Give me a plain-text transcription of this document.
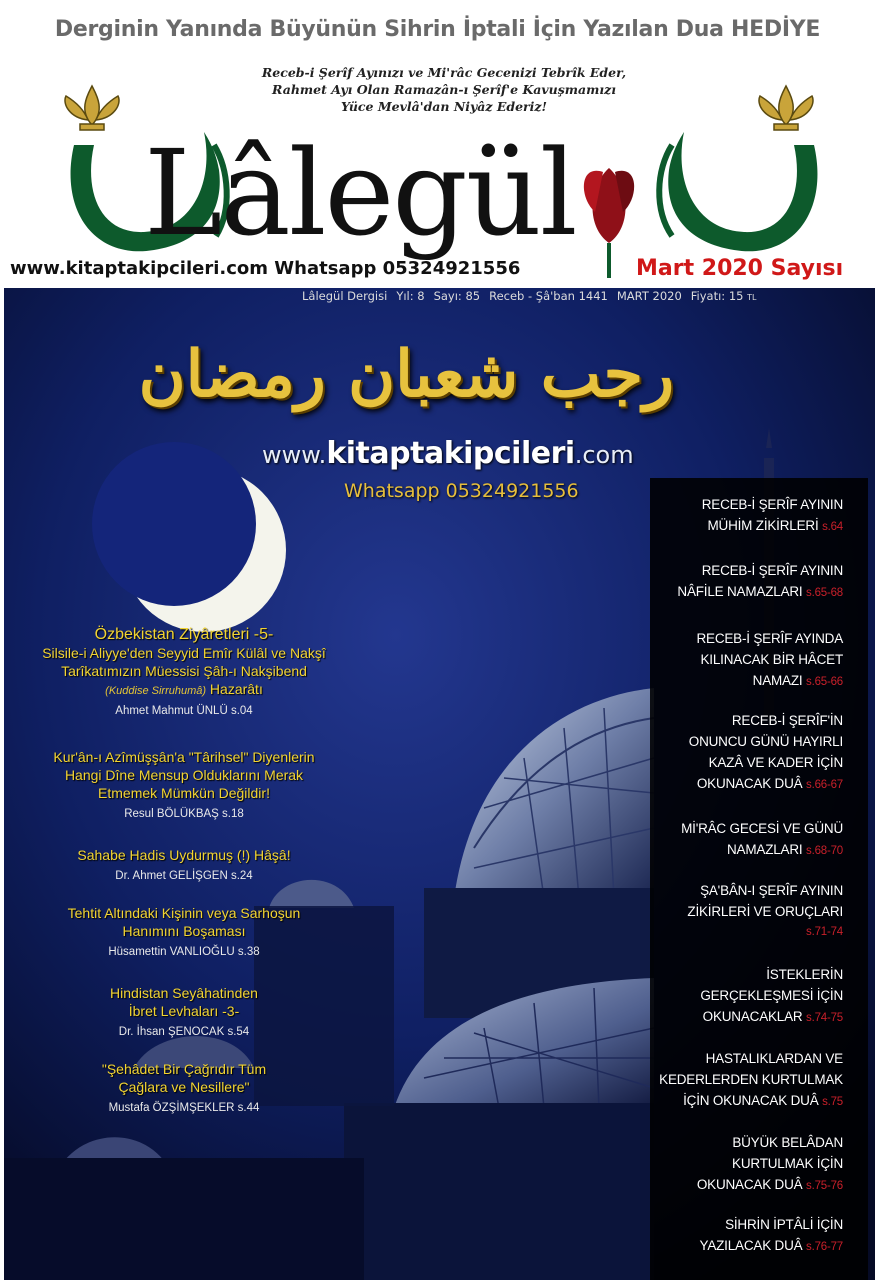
Derginin Yanında Büyünün Sihrin İptali İçin Yazılan Dua HEDİYE
Receb-i Şerîf Ayınızı ve Mi'râc Gecenizi Tebrîk Eder,
Rahmet Ayı Olan Ramazân-ı Şerîf'e Kavuşmamızı
Yüce Mevlâ'dan Niyâz Ederiz!
Lâlegül
www.kitaptakipcileri.com Whatsapp 05324921556	Mart 2020 Sayısı
Lâlegül Dergisi Yıl: 8 Sayı: 85 Receb - Şâ'ban 1441 MART 2020 Fiyatı: 15 TL
رجب شعبان رمضان
www.kitaptakipcileri.com
Whatsapp 05324921556
RECEB-İ ŞERÎF AYININ
MÜHİM ZİKİRLERİ s.64
RECEB-İ ŞERÎF AYININ
NÂFİLE NAMAZLARI s.65-68
RECEB-İ ŞERÎF AYINDA
KILINACAK BİR HÂCET
NAMAZI s.65-66
RECEB-İ ŞERÎF'İN
ONUNCU GÜNÜ HAYIRLI
KAZÂ VE KADER İÇİN
OKUNACAK DUÂ s.66-67
Mİ'RÂC GECESİ VE GÜNÜ
NAMAZLARI s.68-70
ŞA'BÂN-I ŞERÎF AYININ
ZİKİRLERİ VE ORUÇLARI
s.71-74
İSTEKLERİN
GERÇEKLEŞMESİ İÇİN
OKUNACAKLAR s.74-75
HASTALIKLARDAN VE
KEDERLERDEN KURTULMAK
İÇİN OKUNACAK DUÂ s.75
BÜYÜK BELÂDAN
KURTULMAK İÇİN
OKUNACAK DUÂ s.75-76
SİHRİN İPTÂLİ İÇİN
YAZILACAK DUÂ s.76-77
Özbekistan Ziyâretleri -5-
Silsile-i Aliyye'den Seyyid Emîr Külâl ve Nakşî
Tarîkatımızın Müessisi Şâh-ı Nakşibend
(Kuddise Sirruhumâ) Hazarâtı
Ahmet Mahmut ÜNLÜ s.04
Kur'ân-ı Azîmüşşân'a "Târihsel" Diyenlerin
Hangi Dîne Mensup Olduklarını Merak
Etmemek Mümkün Değildir!
Resul BÖLÜKBAŞ s.18
Sahabe Hadis Uydurmuş (!) Hâşâ!
Dr. Ahmet GELİŞGEN s.24
Tehtit Altındaki Kişinin veya Sarhoşun
Hanımını Boşaması
Hüsamettin VANLIOĞLU s.38
Hindistan Seyâhatinden
İbret Levhaları -3-
Dr. İhsan ŞENOCAK s.54
"Şehâdet Bir Çağrıdır Tüm
Çağlara ve Nesillere"
Mustafa ÖZŞİMŞEKLER s.44
